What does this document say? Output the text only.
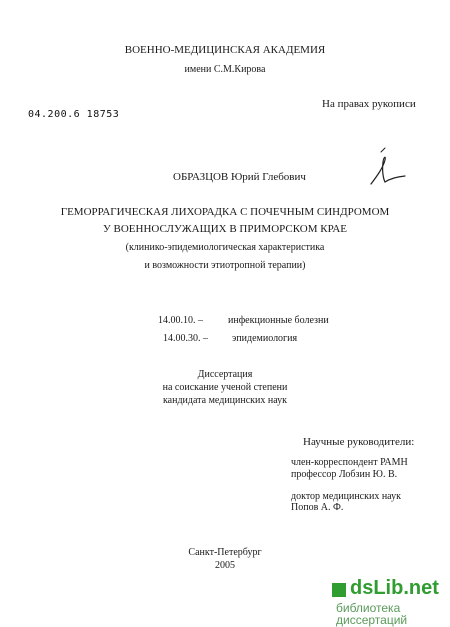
ВОЕННО-МЕДИЦИНСКАЯ АКАДЕМИЯ
имени С.М.Кирова
04.200.6 18753
На правах рукописи
ОБРАЗЦОВ Юрий Глебович
ГЕМОРРАГИЧЕСКАЯ ЛИХОРАДКА С ПОЧЕЧНЫМ СИНДРОМОМ
У ВОЕННОСЛУЖАЩИХ В ПРИМОРСКОМ КРАЕ
(клинико-эпидемиологическая характеристика
и возможности этиотропной терапии)
14.00.10. –	инфекционные болезни
14.00.30. – эпидемиология
Диссертация
на соискание ученой степени
кандидата медицинских наук
Научные руководители:
член-корреспондент РАМН
профессор Лобзин Ю. В.
доктор медицинских наук
Попов А. Ф.
Санкт-Петербург
2005
dsLib.net
библиотека диссертаций
